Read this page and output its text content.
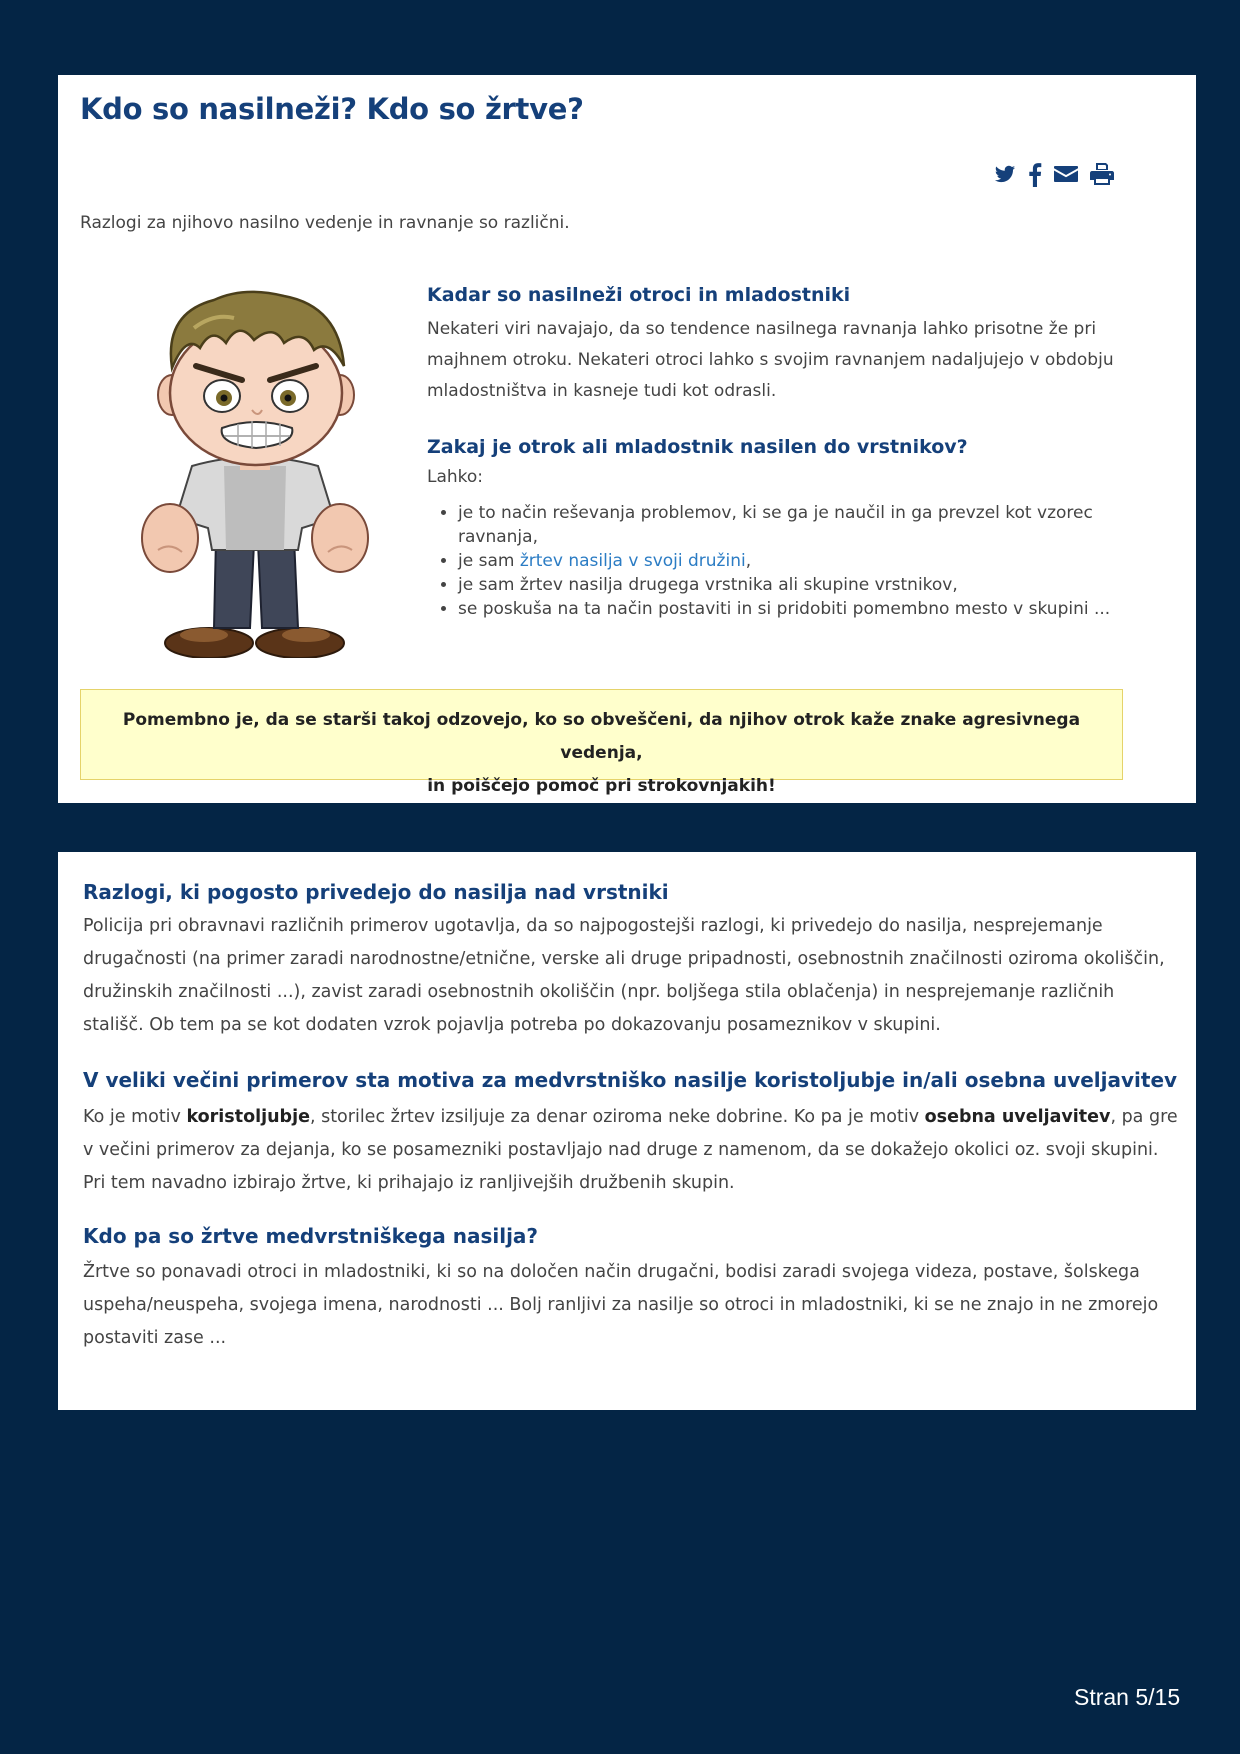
Kdo so nasilneži? Kdo so žrtve?

Razlogi za njihovo nasilno vedenje in ravnanje so različni.

Kadar so nasilneži otroci in mladostniki

Nekateri viri navajajo, da so tendence nasilnega ravnanja lahko prisotne že pri majhnem otroku. Nekateri otroci lahko s svojim ravnanjem nadaljujejo v obdobju mladostništva in kasneje tudi kot odrasli.

Zakaj je otrok ali mladostnik nasilen do vrstnikov?

Lahko:

• je to način reševanja problemov, ki se ga je naučil in ga prevzel kot vzorec ravnanja,
• je sam žrtev nasilja v svoji družini,
• je sam žrtev nasilja drugega vrstnika ali skupine vrstnikov,
• se poskuša na ta način postaviti in si pridobiti pomembno mesto v skupini ...
Pomembno je, da se starši takoj odzovejo, ko so obveščeni, da njihov otrok kaže znake agresivnega vedenja,
in poiščejo pomoč pri strokovnjakih!
Razlogi, ki pogosto privedejo do nasilja nad vrstniki

Policija pri obravnavi različnih primerov ugotavlja, da so najpogostejši razlogi, ki privedejo do nasilja, nesprejemanje drugačnosti (na primer zaradi narodnostne/etnične, verske ali druge pripadnosti, osebnostnih značilnosti oziroma okoliščin, družinskih značilnosti ...), zavist zaradi osebnostnih okoliščin (npr. boljšega stila oblačenja) in nesprejemanje različnih stališč. Ob tem pa se kot dodaten vzrok pojavlja potreba po dokazovanju posameznikov v skupini.

V veliki večini primerov sta motiva za medvrstniško nasilje koristoljubje in/ali osebna uveljavitev

Ko je motiv koristoljubje, storilec žrtev izsiljuje za denar oziroma neke dobrine. Ko pa je motiv osebna uveljavitev, pa gre v večini primerov za dejanja, ko se posamezniki postavljajo nad druge z namenom, da se dokažejo okolici oz. svoji skupini. Pri tem navadno izbirajo žrtve, ki prihajajo iz ranljivejših družbenih skupin.

Kdo pa so žrtve medvrstniškega nasilja?

Žrtve so ponavadi otroci in mladostniki, ki so na določen način drugačni, bodisi zaradi svojega videza, postave, šolskega uspeha/neuspeha, svojega imena, narodnosti ... Bolj ranljivi za nasilje so otroci in mladostniki, ki se ne znajo in ne zmorejo postaviti zase ...

Stran 5/15
